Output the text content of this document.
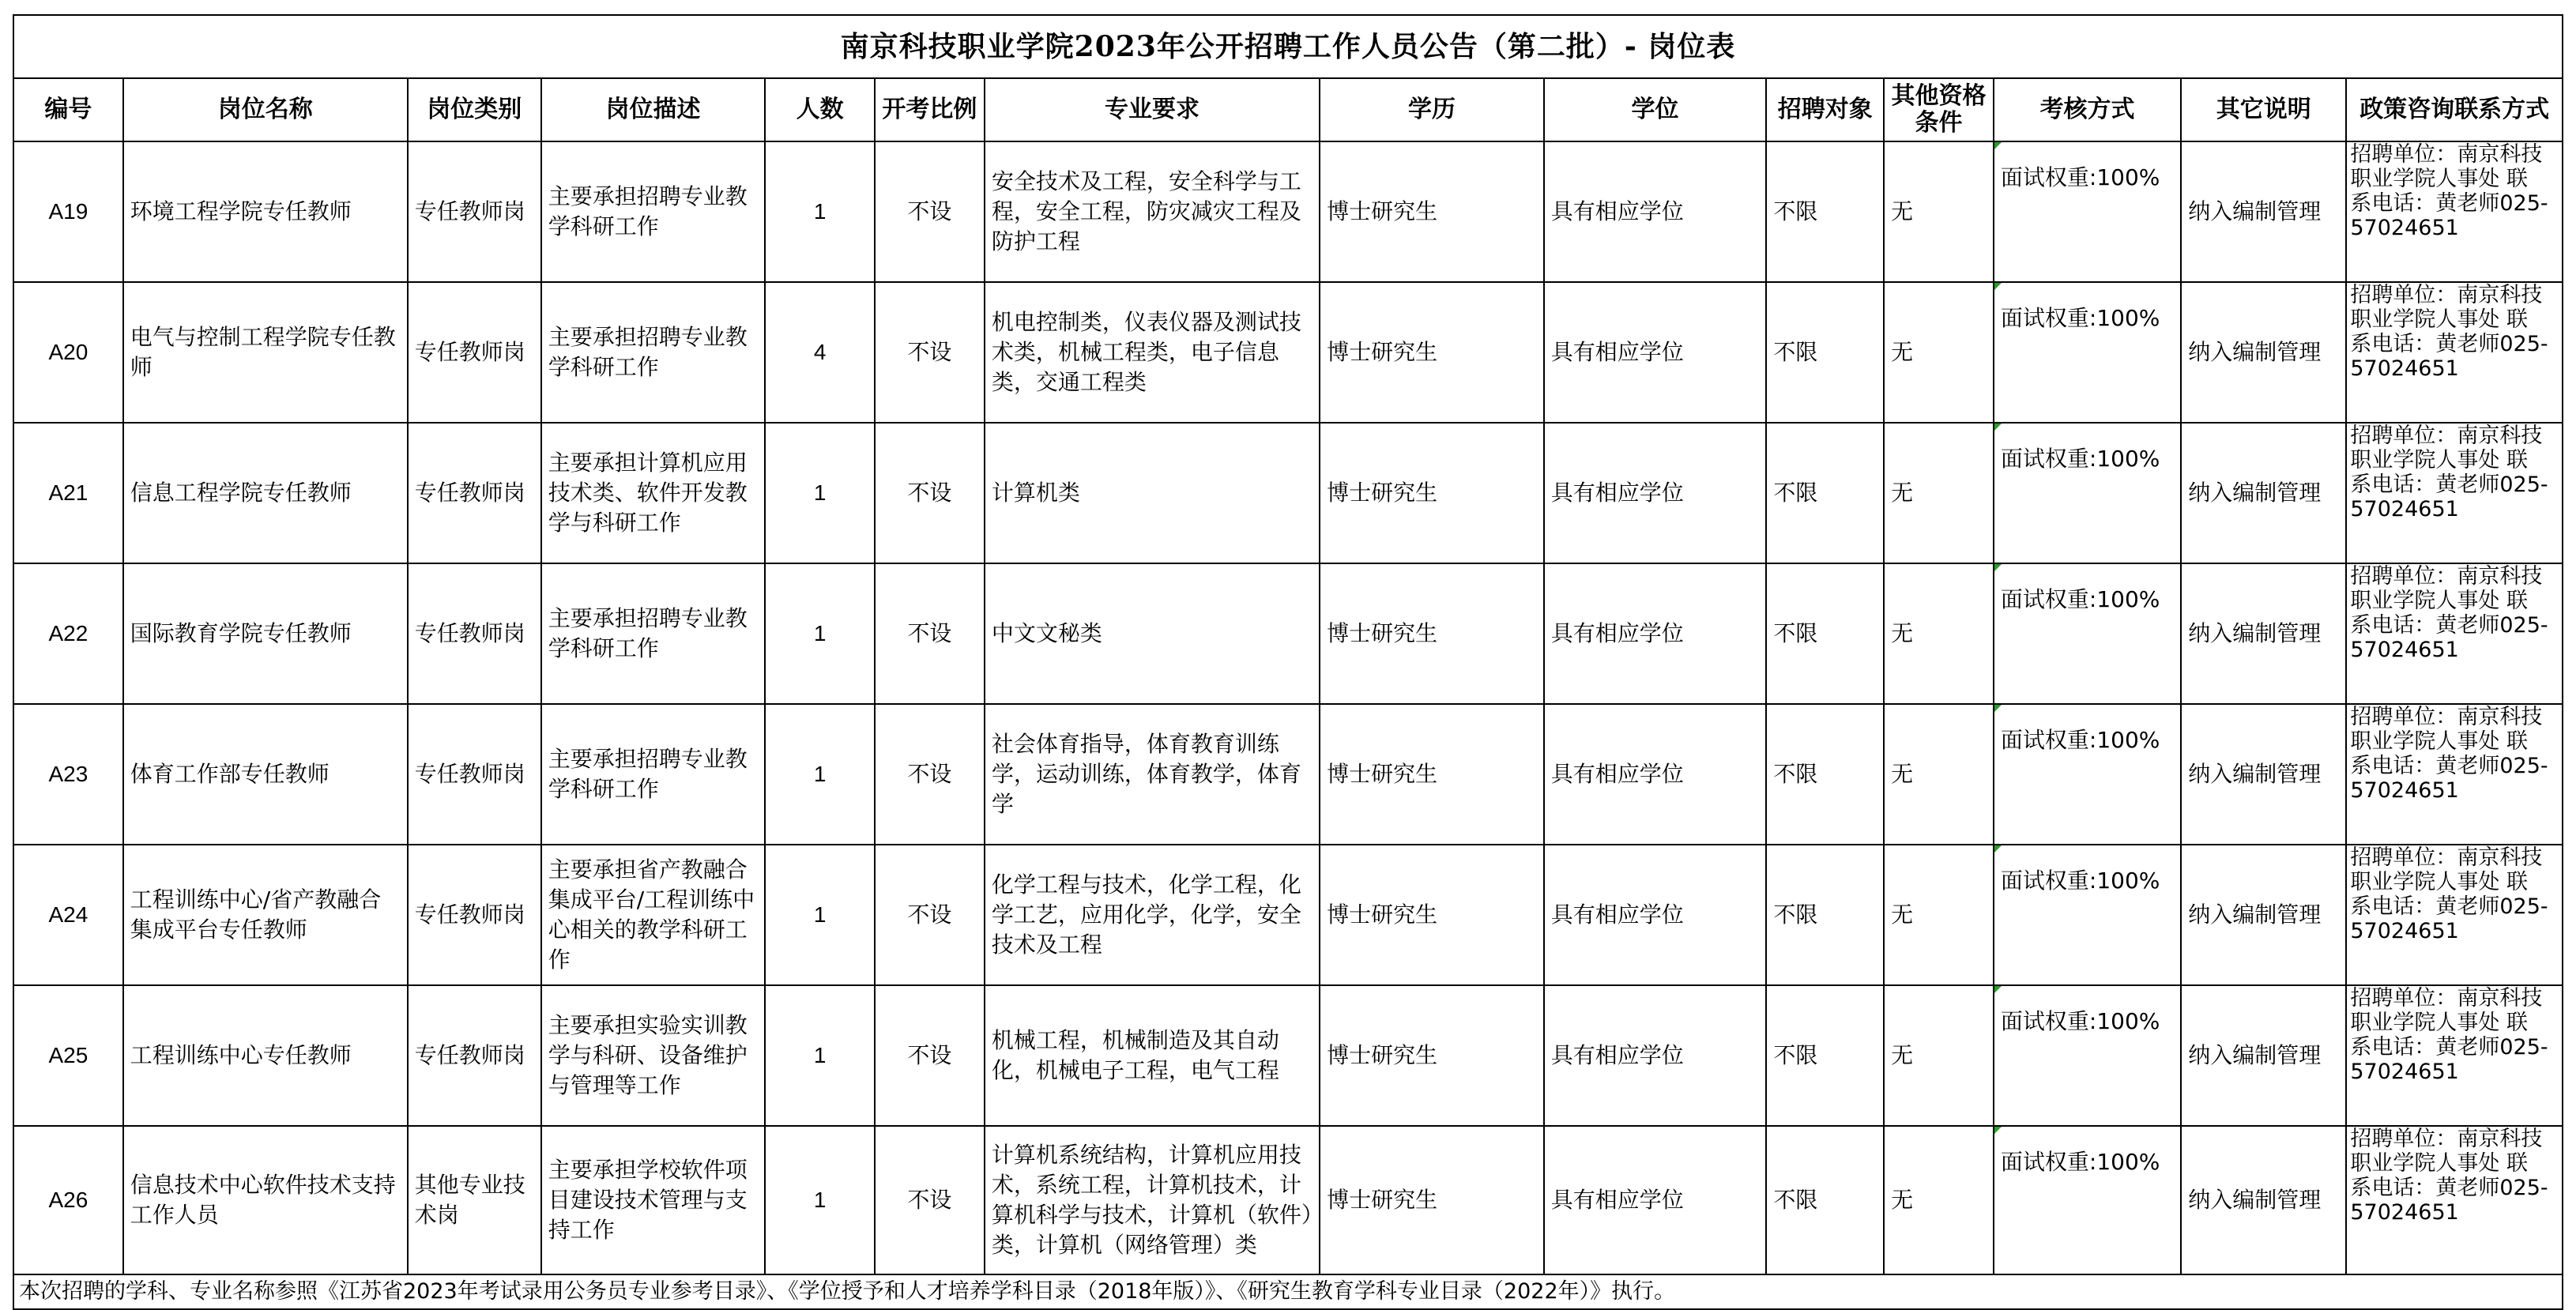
南京科技职业学院2023年公开招聘工作人员公告（第二批）- 岗位表													
编号	岗位名称	岗位类别	岗位描述	人数	开考比例	专业要求	学历	学位	招聘对象	其他资格条件	考核方式	其它说明	政策咨询联系方式
A19	环境工程学院专任教师	专任教师岗	主要承担招聘专业教学科研工作	1	不设	安全技术及工程，安全科学与工程，安全工程，防灾减灾工程及防护工程	博士研究生	具有相应学位	不限	无	面试权重:100%	纳入编制管理	招聘单位：南京科技
职业学院人事处 联
系电话：黄老师025-
57024651

A20	电气与控制工程学院专任教师	专任教师岗	主要承担招聘专业教学科研工作	4	不设	机电控制类，仪表仪器及测试技术类，机械工程类，电子信息类，交通工程类	博士研究生	具有相应学位	不限	无	面试权重:100%	纳入编制管理	招聘单位：南京科技
职业学院人事处 联
系电话：黄老师025-
57024651

A21	信息工程学院专任教师	专任教师岗	主要承担计算机应用技术类、软件开发教学与科研工作	1	不设	计算机类	博士研究生	具有相应学位	不限	无	面试权重:100%	纳入编制管理	招聘单位：南京科技
职业学院人事处 联
系电话：黄老师025-
57024651

A22	国际教育学院专任教师	专任教师岗	主要承担招聘专业教学科研工作	1	不设	中文文秘类	博士研究生	具有相应学位	不限	无	面试权重:100%	纳入编制管理	招聘单位：南京科技
职业学院人事处 联
系电话：黄老师025-
57024651

A23	体育工作部专任教师	专任教师岗	主要承担招聘专业教学科研工作	1	不设	社会体育指导，体育教育训练学，运动训练，体育教学，体育学	博士研究生	具有相应学位	不限	无	面试权重:100%	纳入编制管理	招聘单位：南京科技
职业学院人事处 联
系电话：黄老师025-
57024651

A24	工程训练中心/省产教融合集成平台专任教师	专任教师岗	主要承担省产教融合集成平台/工程训练中心相关的教学科研工作	1	不设	化学工程与技术，化学工程，化学工艺，应用化学，化学，安全技术及工程	博士研究生	具有相应学位	不限	无	面试权重:100%	纳入编制管理	招聘单位：南京科技
职业学院人事处 联
系电话：黄老师025-
57024651

A25	工程训练中心专任教师	专任教师岗	主要承担实验实训教学与科研、设备维护与管理等工作	1	不设	机械工程，机械制造及其自动化，机械电子工程，电气工程	博士研究生	具有相应学位	不限	无	面试权重:100%	纳入编制管理	招聘单位：南京科技
职业学院人事处 联
系电话：黄老师025-
57024651

A26	信息技术中心软件技术支持工作人员	其他专业技术岗	主要承担学校软件项目建设技术管理与支持工作	1	不设	计算机系统结构，计算机应用技术，系统工程，计算机技术，计算机科学与技术，计算机（软件）类，计算机（网络管理）类	博士研究生	具有相应学位	不限	无	面试权重:100%	纳入编制管理	招聘单位：南京科技
职业学院人事处 联
系电话：黄老师025-
57024651

本次招聘的学科、专业名称参照《江苏省2023年考试录用公务员专业参考目录》、《学位授予和人才培养学科目录（2018年版）》、《研究生教育学科专业目录（2022年）》执行。													
